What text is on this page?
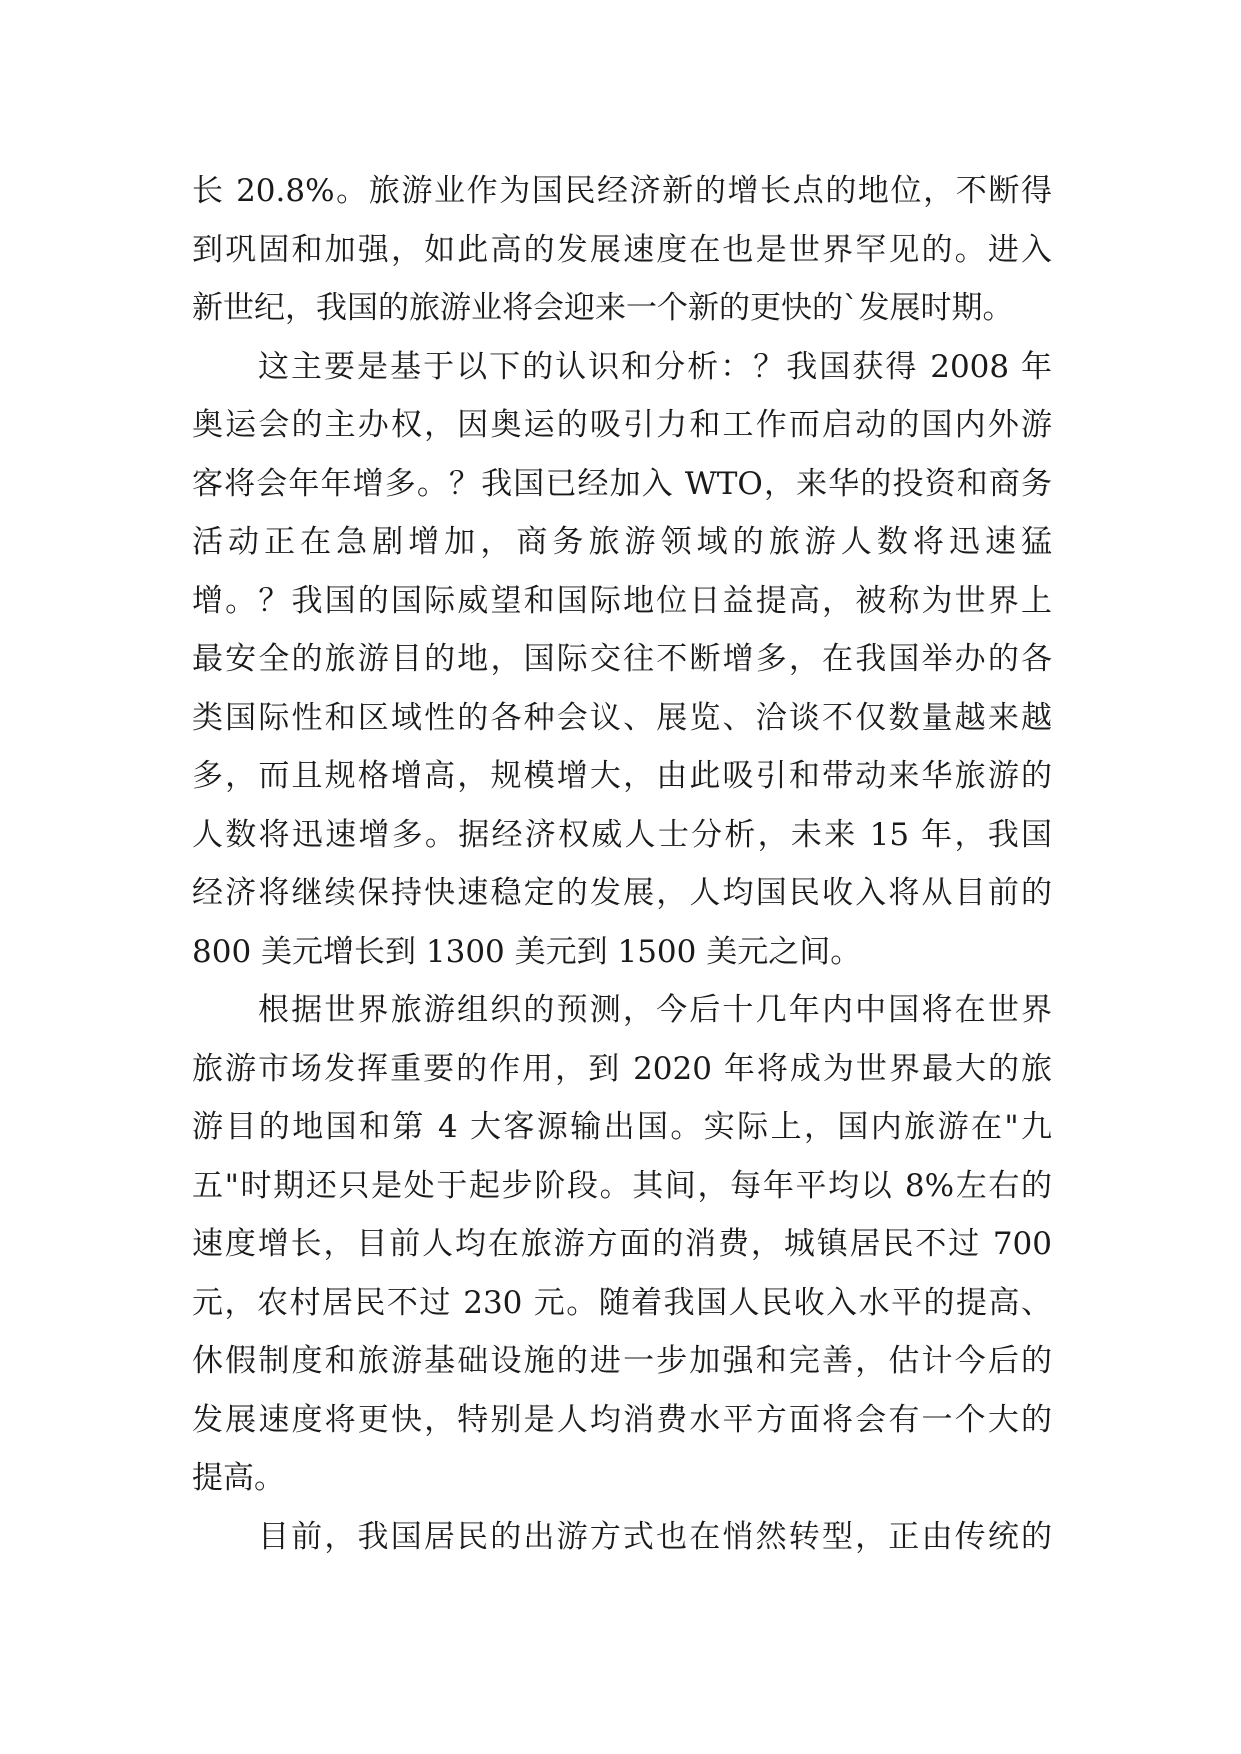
长 20.8%。旅游业作为国民经济新的增长点的地位，不断得
到巩固和加强，如此高的发展速度在也是世界罕见的。进入
新世纪，我国的旅游业将会迎来一个新的更快的`发展时期。
这主要是基于以下的认识和分析：？我国获得 2008 年
奥运会的主办权，因奥运的吸引力和工作而启动的国内外游
客将会年年增多。？我国已经加入 WTO，来华的投资和商务
活动正在急剧增加，商务旅游领域的旅游人数将迅速猛
增。？我国的国际威望和国际地位日益提高，被称为世界上
最安全的旅游目的地，国际交往不断增多，在我国举办的各
类国际性和区域性的各种会议、展览、洽谈不仅数量越来越
多，而且规格增高，规模增大，由此吸引和带动来华旅游的
人数将迅速增多。据经济权威人士分析，未来 15 年，我国
经济将继续保持快速稳定的发展，人均国民收入将从目前的
800 美元增长到 1300 美元到 1500 美元之间。
根据世界旅游组织的预测，今后十几年内中国将在世界
旅游市场发挥重要的作用，到 2020 年将成为世界最大的旅
游目的地国和第 4 大客源输出国。实际上，国内旅游在"九
五"时期还只是处于起步阶段。其间，每年平均以 8%左右的
速度增长，目前人均在旅游方面的消费，城镇居民不过 700
元，农村居民不过 230 元。随着我国人民收入水平的提高、
休假制度和旅游基础设施的进一步加强和完善，估计今后的
发展速度将更快，特别是人均消费水平方面将会有一个大的
提高。
目前，我国居民的出游方式也在悄然转型，正由传统的
